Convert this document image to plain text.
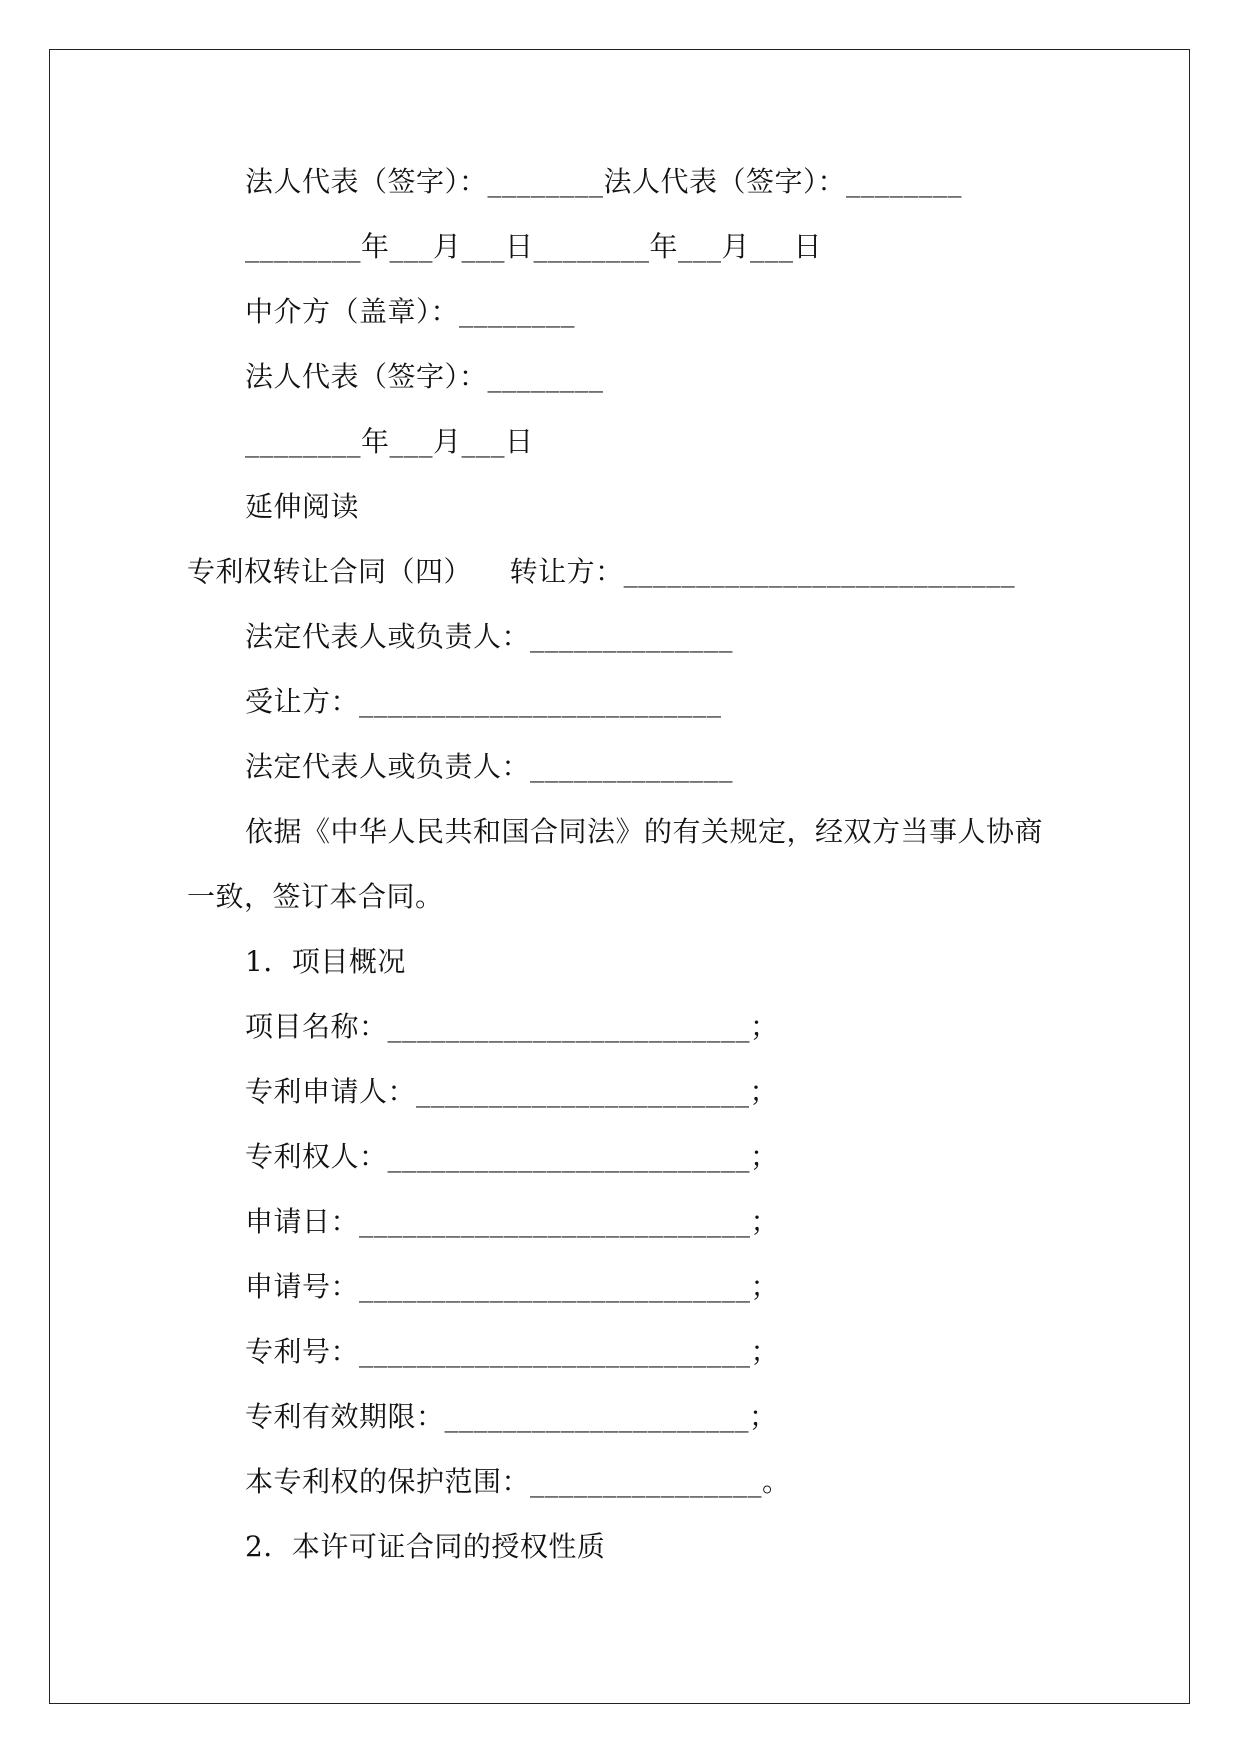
法人代表（签字）：________法人代表（签字）：________
________年___月___日________年___月___日
中介方（盖章）：________
法人代表（签字）：________
________年___月___日
延伸阅读
专利权转让合同（四）    转让方：___________________________
法定代表人或负责人：______________
受让方：_________________________
法定代表人或负责人：______________
依据《中华人民共和国合同法》的有关规定，经双方当事人协商
一致，签订本合同。
1．项目概况
项目名称：_________________________；
专利申请人：_______________________；
专利权人：_________________________；
申请日：___________________________；
申请号：___________________________；
专利号：___________________________；
专利有效期限：_____________________；
本专利权的保护范围：________________。
2．本许可证合同的授权性质
